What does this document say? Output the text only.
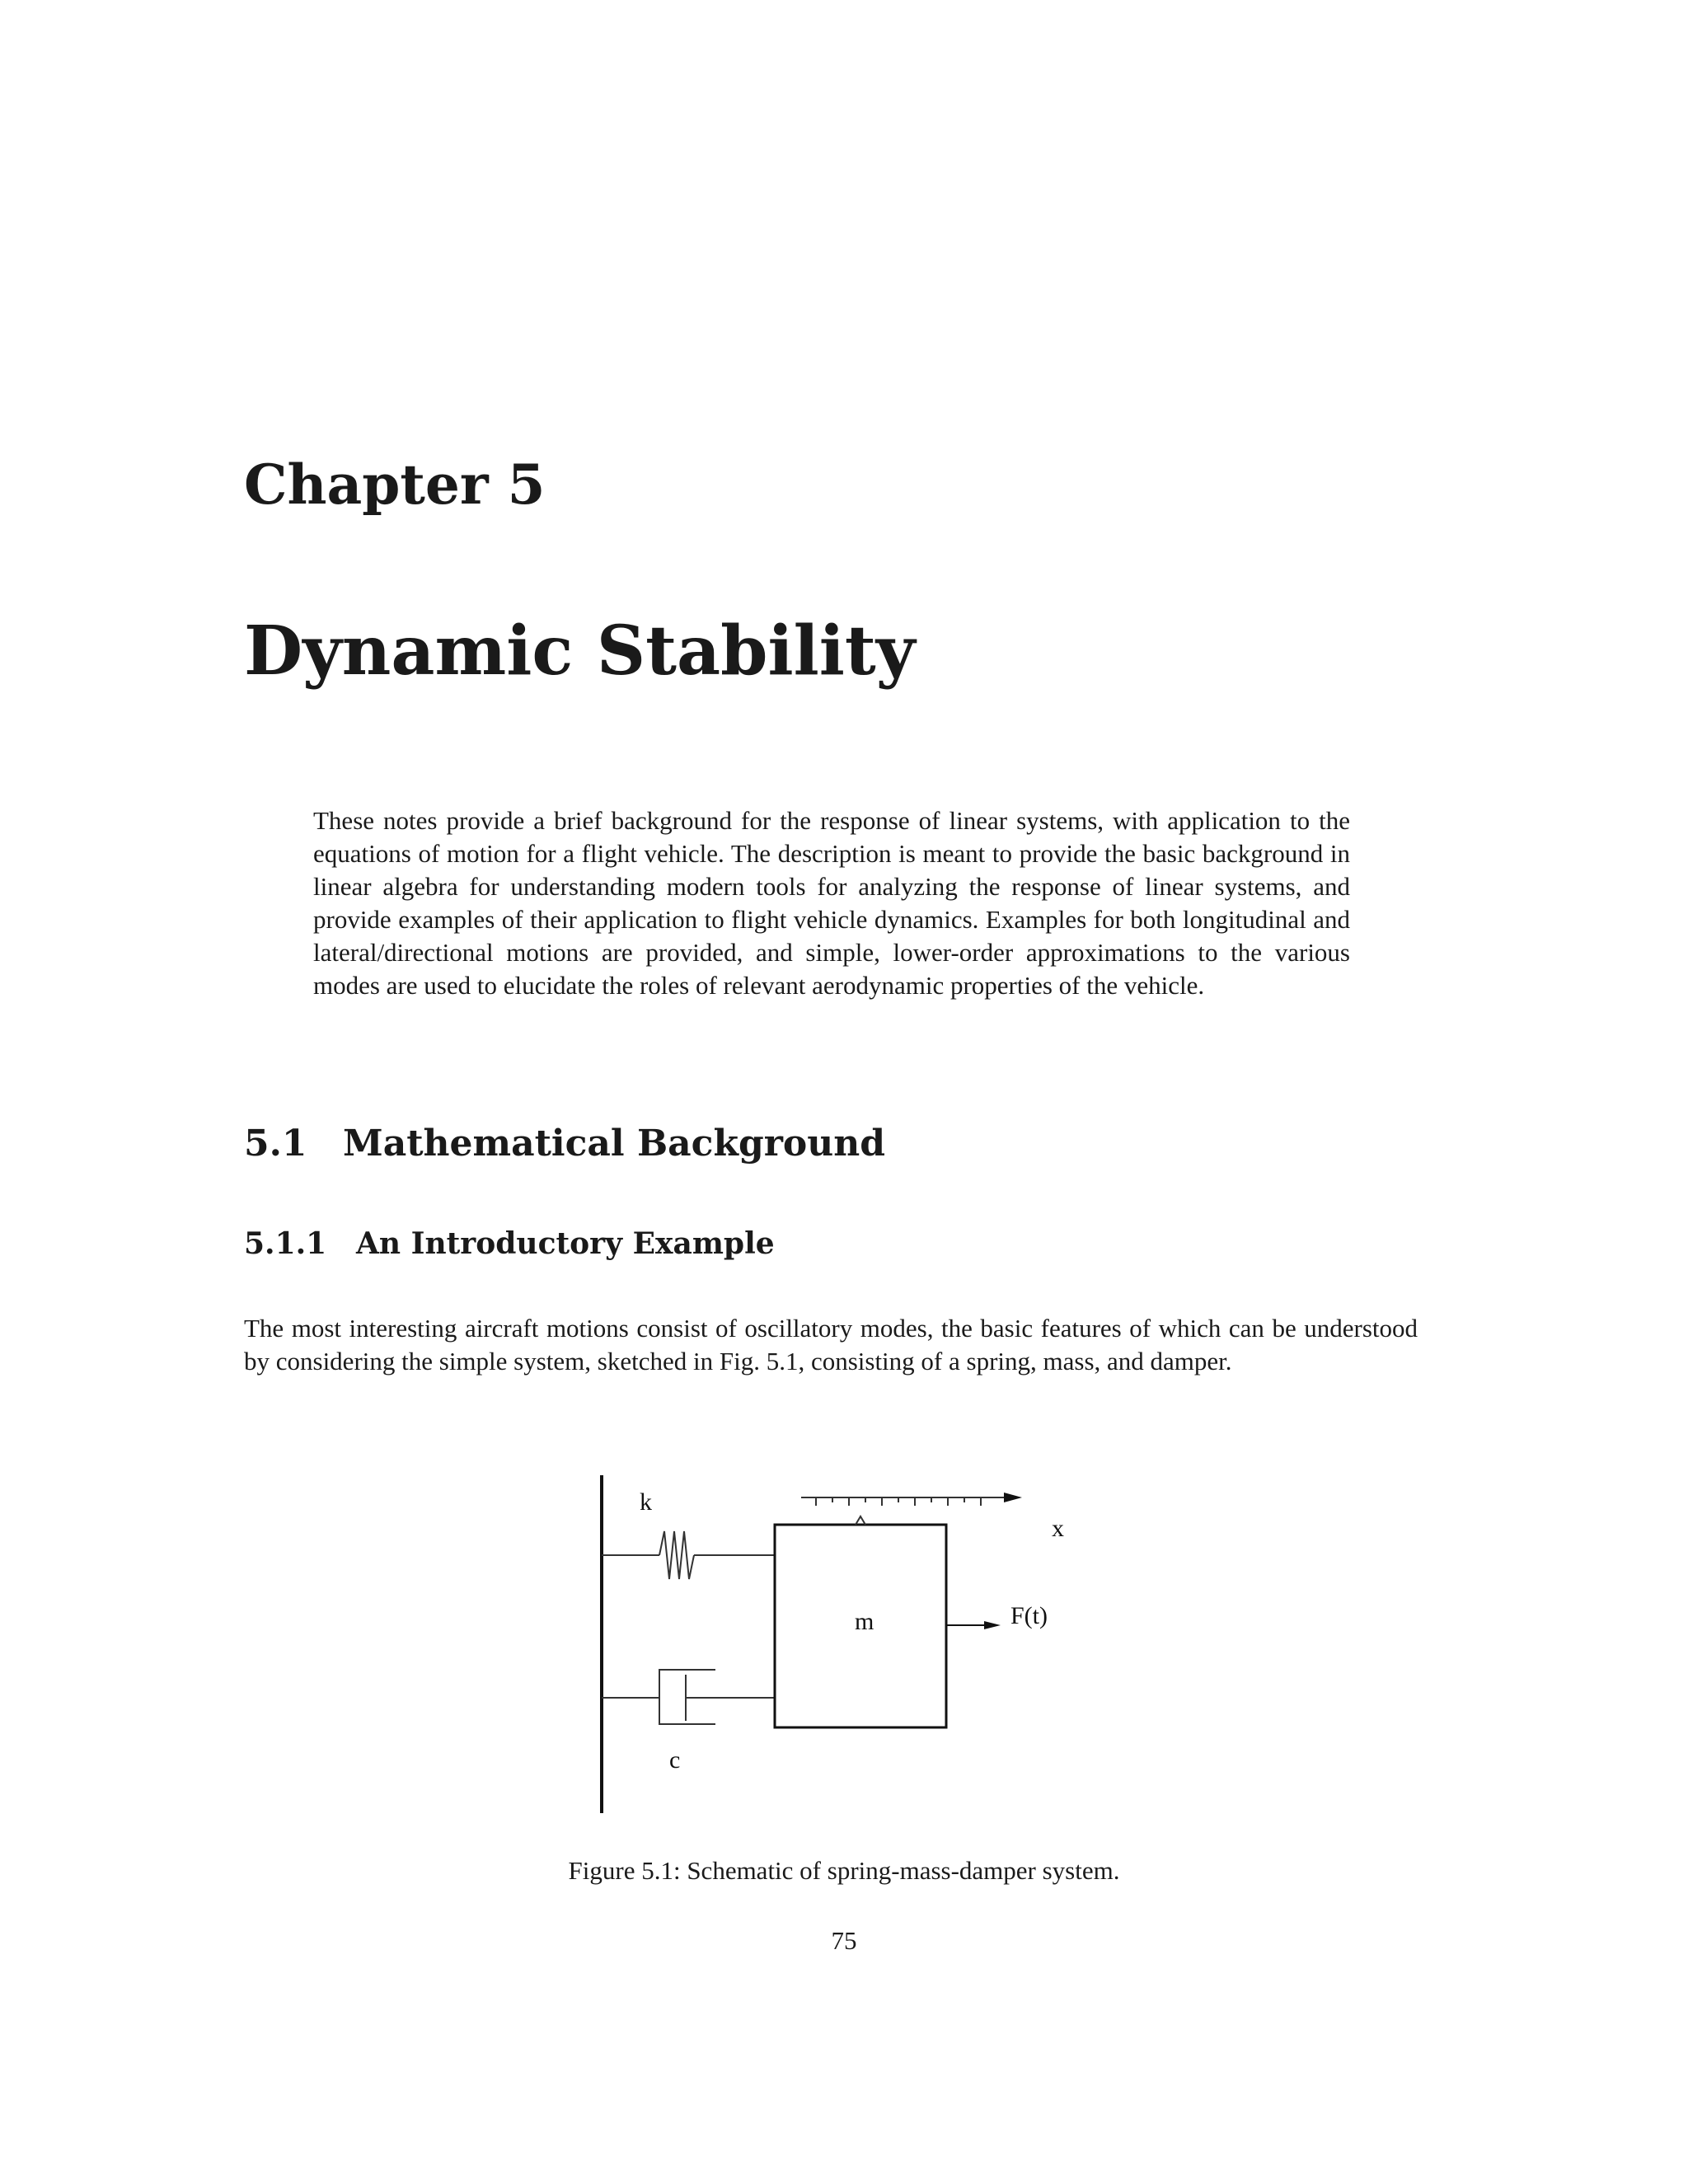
Chapter 5
Dynamic Stability

These notes provide a brief background for the response of linear systems, with application to the equations of motion for a flight vehicle. The description is meant to provide the basic background in linear algebra for understanding modern tools for analyzing the response of linear systems, and provide examples of their application to flight vehicle dynamics. Examples for both longitudinal and lateral/directional motions are provided, and simple, lower-order approximations to the various modes are used to elucidate the roles of relevant aerodynamic properties of the vehicle.

5.1 Mathematical Background
5.1.1 An Introductory Example

The most interesting aircraft motions consist of oscillatory modes, the basic features of which can be understood by considering the simple system, sketched in Fig. 5.1, consisting of a spring, mass, and damper.

k
c
m
x
F(t)

Figure 5.1: Schematic of spring-mass-damper system.

75
